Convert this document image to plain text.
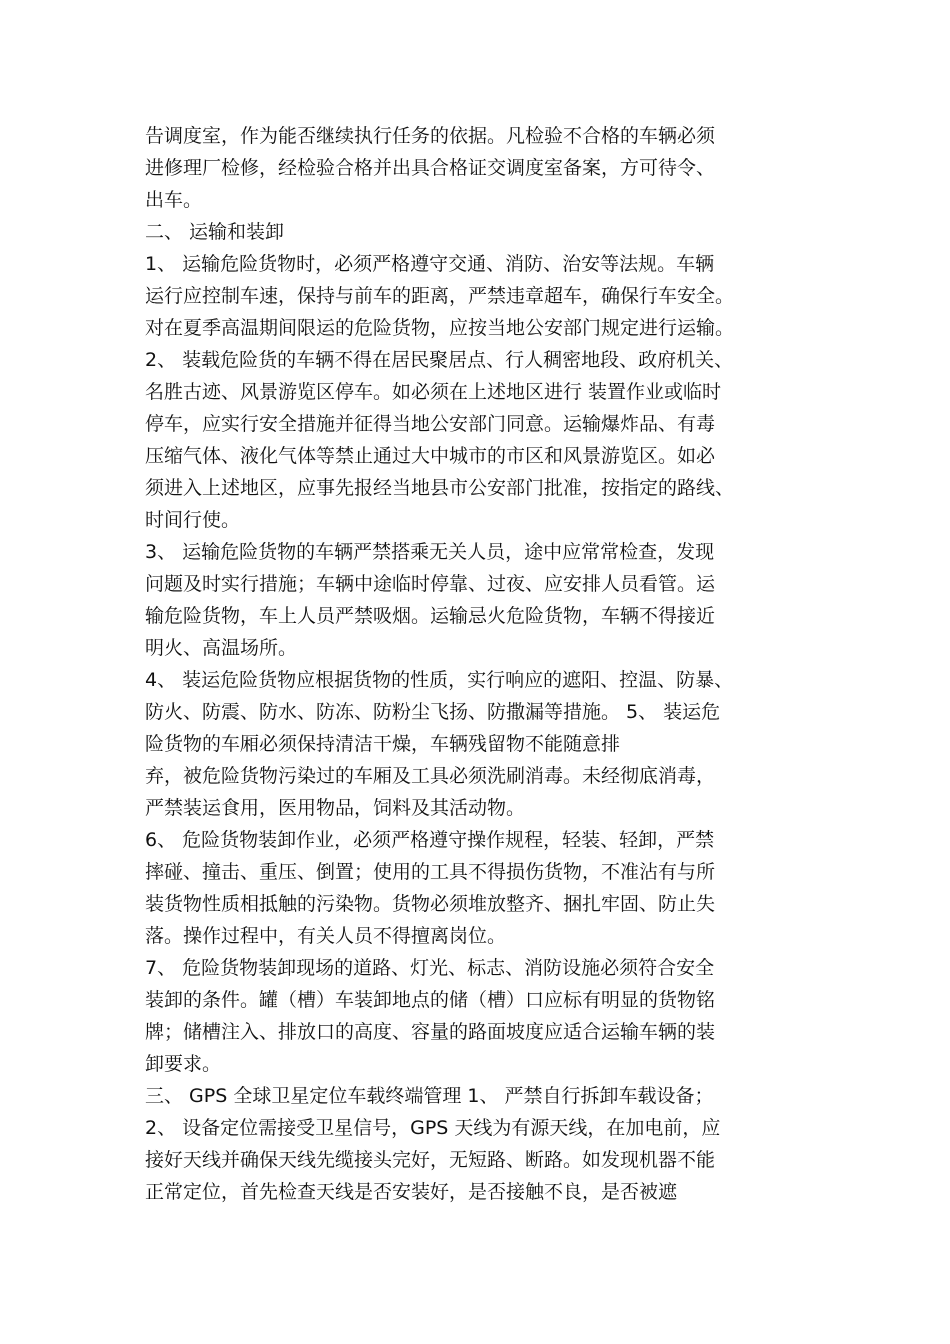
告调度室，作为能否继续执行任务的依据。凡检验不合格的车辆必须
进修理厂检修，经检验合格并出具合格证交调度室备案，方可待令、
出车。
二、 运输和装卸
1、 运输危险货物时，必须严格遵守交通、消防、治安等法规。车辆
运行应控制车速，保持与前车的距离，严禁违章超车，确保行车安全。
对在夏季高温期间限运的危险货物，应按当地公安部门规定进行运输。
2、 装载危险货的车辆不得在居民聚居点、行人稠密地段、政府机关、
名胜古迹、风景游览区停车。如必须在上述地区进行 装置作业或临时
停车，应实行安全措施并征得当地公安部门同意。运输爆炸品、有毒
压缩气体、液化气体等禁止通过大中城市的市区和风景游览区。如必
须进入上述地区，应事先报经当地县市公安部门批准，按指定的路线、
时间行使。
3、 运输危险货物的车辆严禁搭乘无关人员，途中应常常检查，发现
问题及时实行措施；车辆中途临时停靠、过夜、应安排人员看管。运
输危险货物，车上人员严禁吸烟。运输忌火危险货物，车辆不得接近
明火、高温场所。
4、 装运危险货物应根据货物的性质，实行响应的遮阳、控温、防暴、
防火、防震、防水、防冻、防粉尘飞扬、防撒漏等措施。 5、 装运危
险货物的车厢必须保持清洁干燥，车辆残留物不能随意排
弃，被危险货物污染过的车厢及工具必须洗刷消毒。未经彻底消毒，
严禁装运食用，医用物品，饲料及其活动物。
6、 危险货物装卸作业，必须严格遵守操作规程，轻装、轻卸，严禁
摔碰、撞击、重压、倒置；使用的工具不得损伤货物，不准沾有与所
装货物性质相抵触的污染物。货物必须堆放整齐、捆扎牢固、防止失
落。操作过程中，有关人员不得擅离岗位。
7、 危险货物装卸现场的道路、灯光、标志、消防设施必须符合安全
装卸的条件。罐（槽）车装卸地点的储（槽）口应标有明显的货物铭
牌；储槽注入、排放口的高度、容量的路面坡度应适合运输车辆的装
卸要求。
三、 GPS 全球卫星定位车载终端管理 1、 严禁自行拆卸车载设备；
2、 设备定位需接受卫星信号，GPS 天线为有源天线，在加电前，应
接好天线并确保天线先缆接头完好，无短路、断路。如发现机器不能
正常定位，首先检查天线是否安装好，是否接触不良，是否被遮
